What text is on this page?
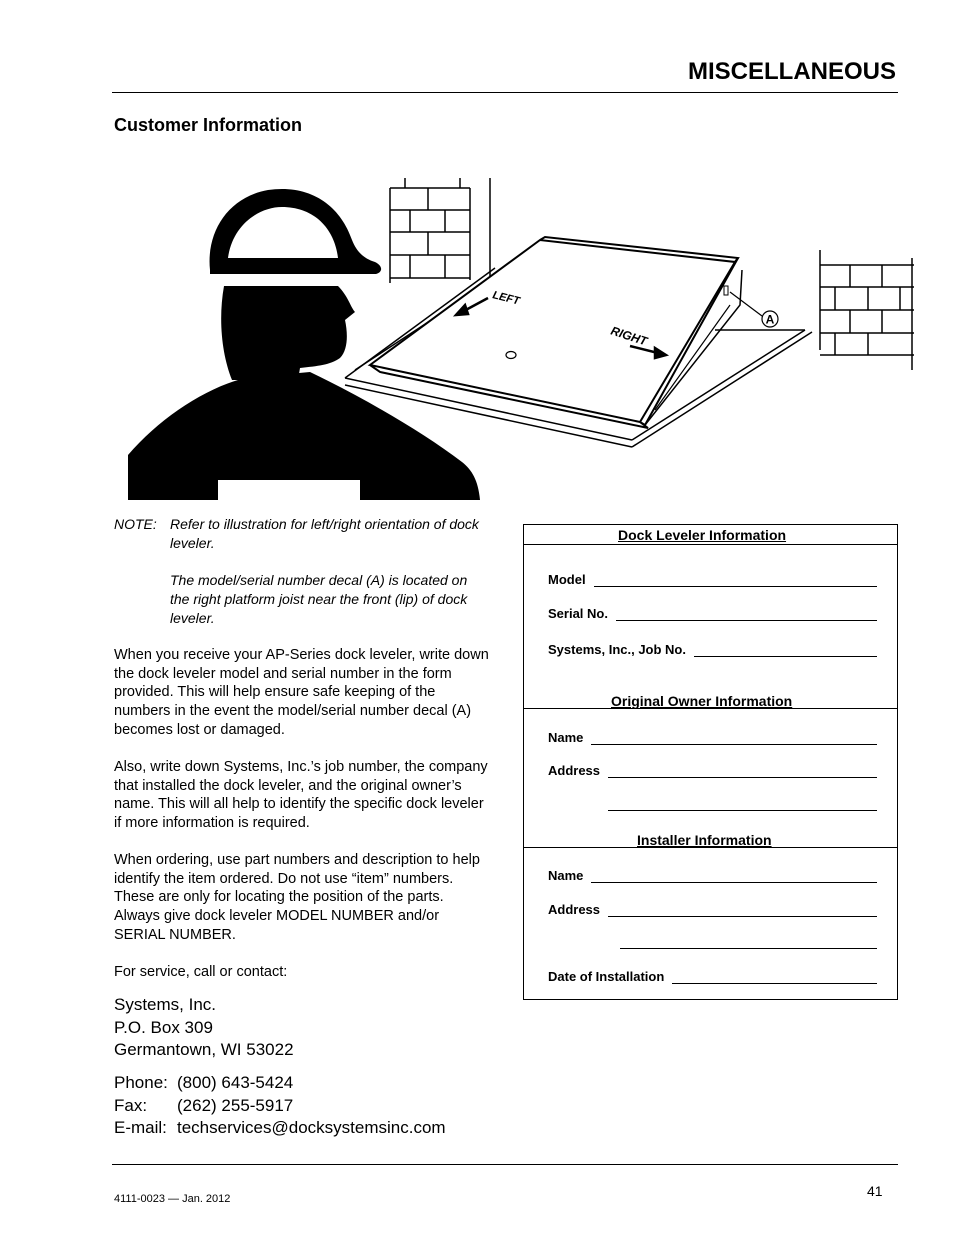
MISCELLANEOUS
Customer Information
LEFT
RIGHT
A
NOTE: Refer to illustration for left/right orientation of dock leveler.
The model/serial number decal (A) is located on the right platform joist near the front (lip) of dock leveler.
When you receive your AP-Series dock leveler, write down the dock leveler model and serial number in the form provided. This will help ensure safe keeping of the numbers in the event the model/serial number decal (A) becomes lost or damaged.
Also, write down Systems, Inc.’s job number, the company that installed the dock leveler, and the original owner’s name. This will all help to identify the specific dock leveler if more information is required.
When ordering, use part numbers and description to help identify the item ordered. Do not use “item” numbers. These are only for locating the position of the parts. Always give dock leveler MODEL NUMBER and/or SERIAL NUMBER.
For service, call or contact:
Systems, Inc.
P.O. Box 309
Germantown, WI 53022
Phone: (800) 643-5424
Fax:	(262) 255-5917
E-mail: techservices@docksystemsinc.com
Dock Leveler Information
Model
Serial No.
Systems, Inc., Job No.
Original Owner Information
Name
Address
Installer Information
Name
Address
Date of Installation
41
4111-0023 — Jan. 2012
